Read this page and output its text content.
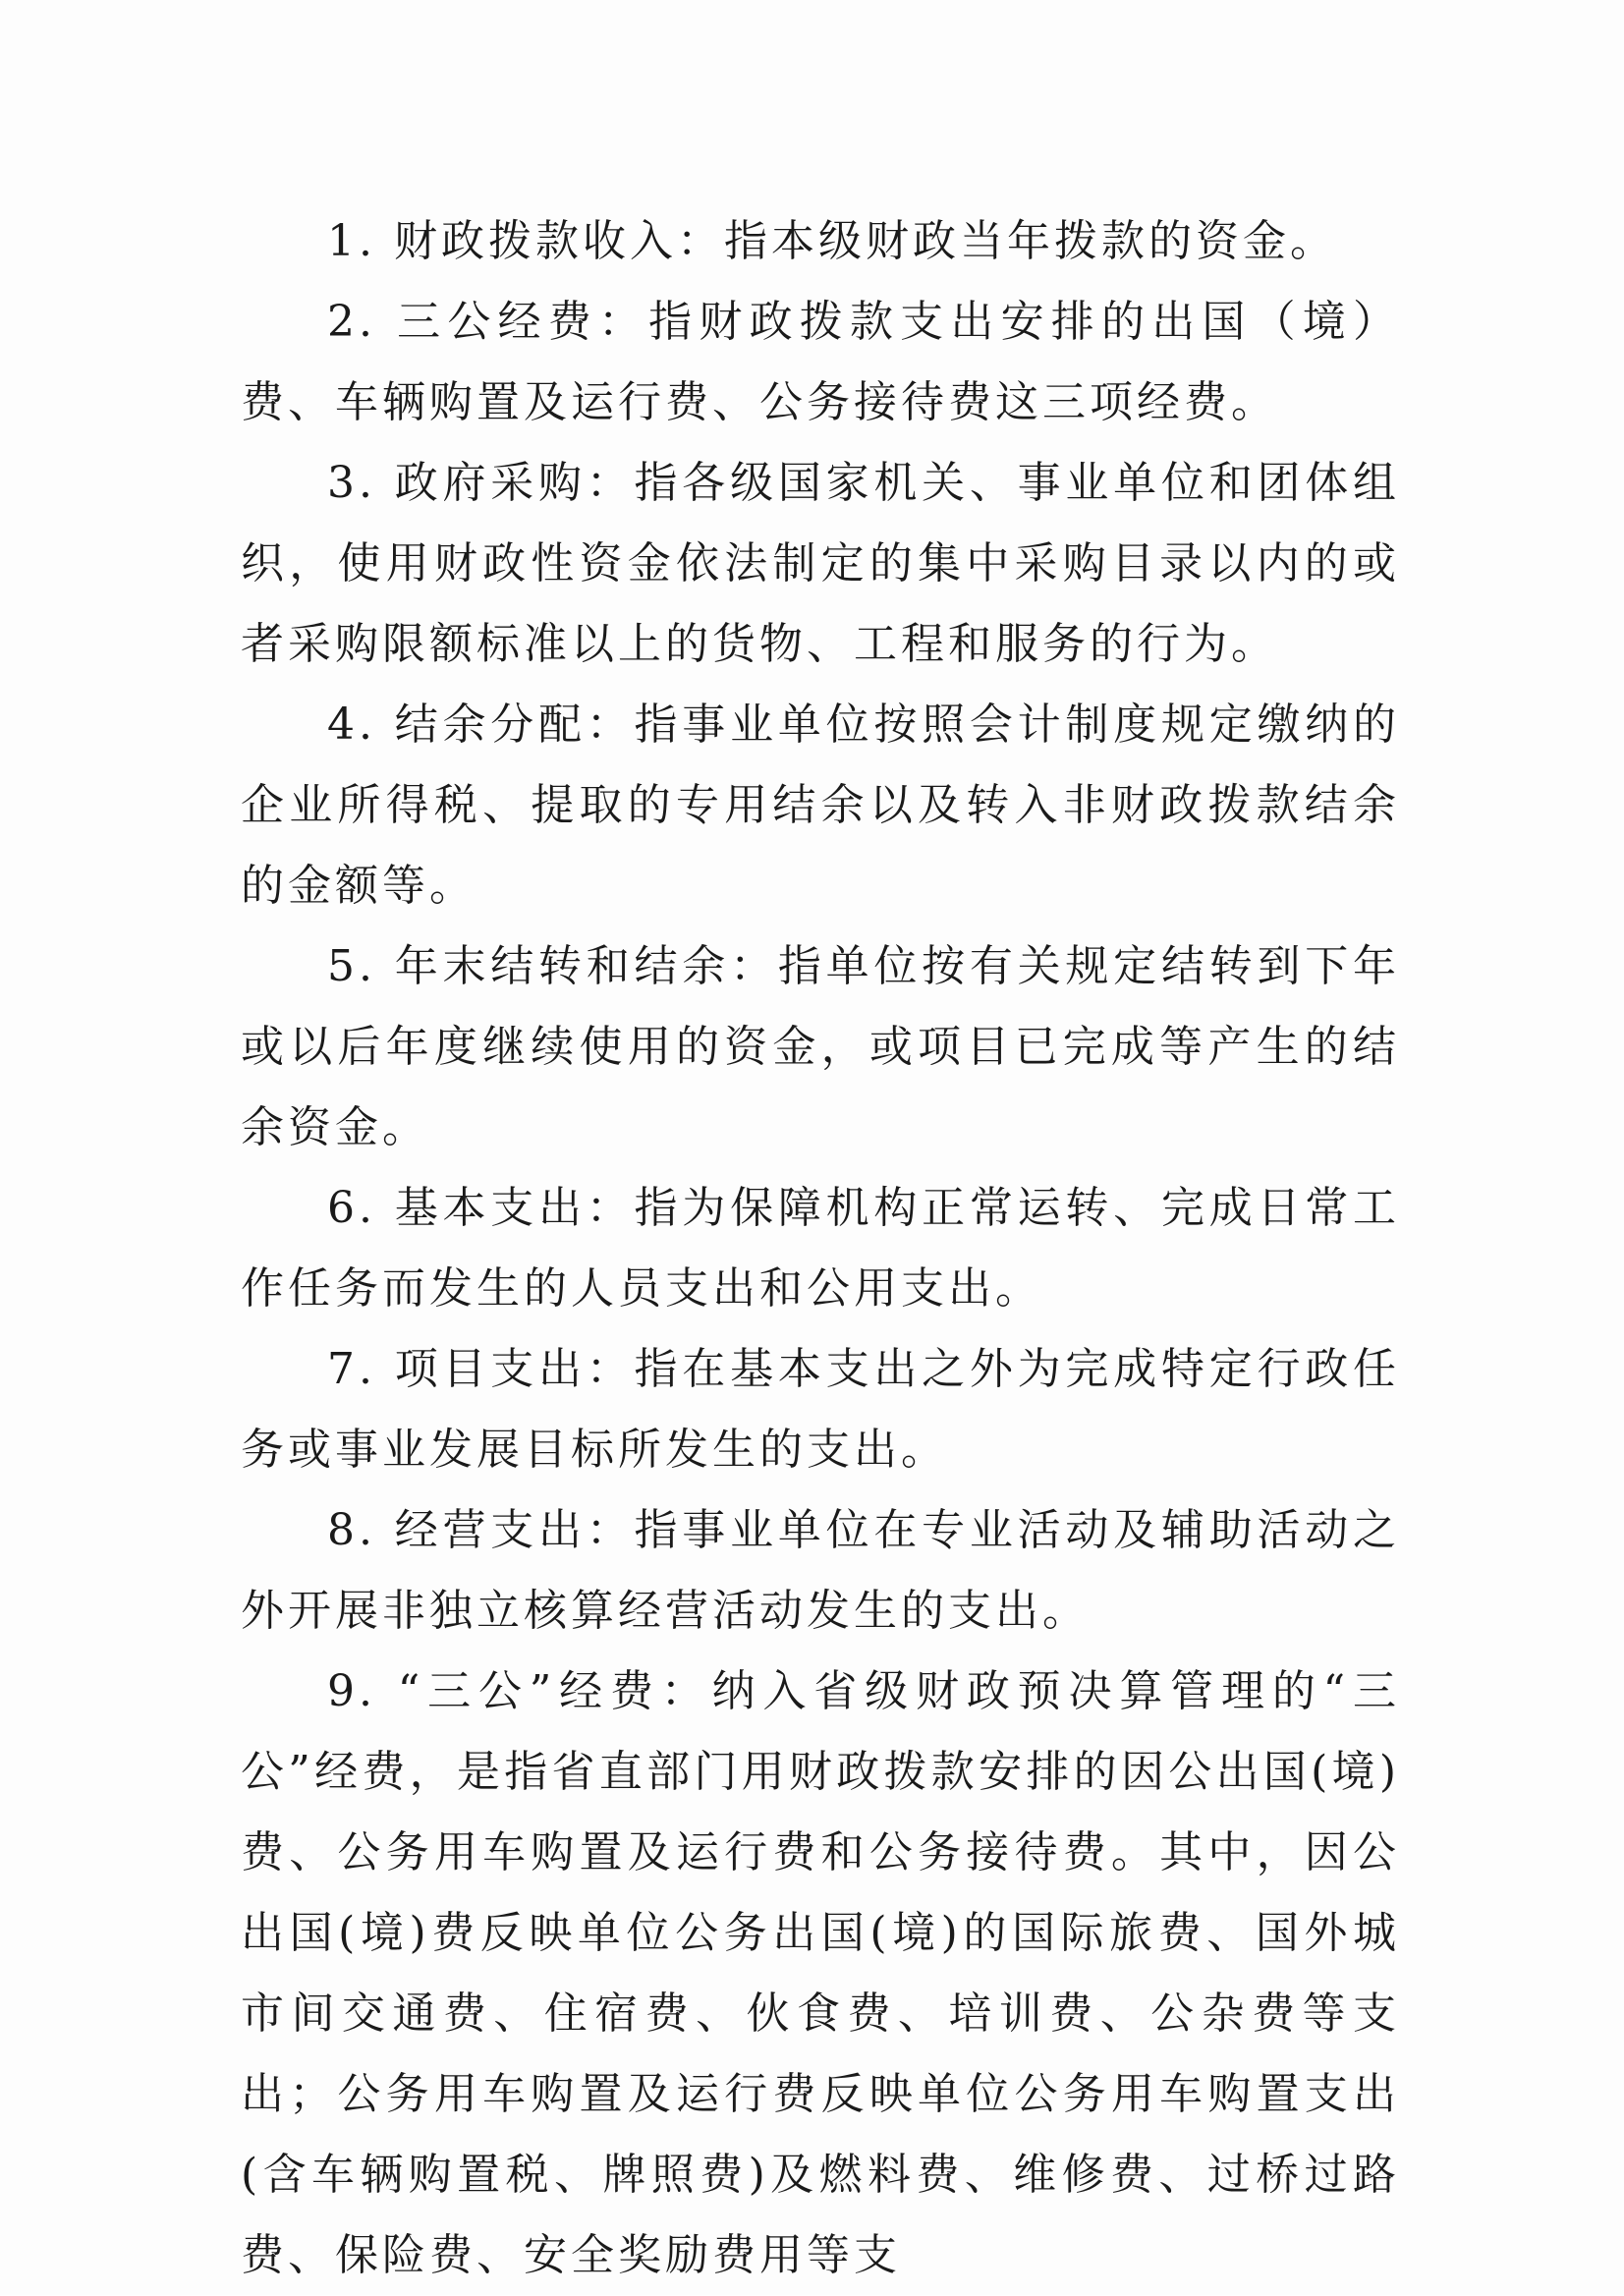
1. 财政拨款收入：指本级财政当年拨款的资金。

2. 三公经费：指财政拨款支出安排的出国（境）费、车辆购置及运行费、公务接待费这三项经费。

3. 政府采购：指各级国家机关、事业单位和团体组织，使用财政性资金依法制定的集中采购目录以内的或者采购限额标准以上的货物、工程和服务的行为。

4. 结余分配：指事业单位按照会计制度规定缴纳的企业所得税、提取的专用结余以及转入非财政拨款结余的金额等。

5. 年末结转和结余：指单位按有关规定结转到下年或以后年度继续使用的资金，或项目已完成等产生的结余资金。

6. 基本支出：指为保障机构正常运转、完成日常工作任务而发生的人员支出和公用支出。

7. 项目支出：指在基本支出之外为完成特定行政任务或事业发展目标所发生的支出。

8. 经营支出：指事业单位在专业活动及辅助活动之外开展非独立核算经营活动发生的支出。

9. “三公”经费：纳入省级财政预决算管理的“三公”经费，是指省直部门用财政拨款安排的因公出国(境)费、公务用车购置及运行费和公务接待费。其中，因公出国(境)费反映单位公务出国(境)的国际旅费、国外城市间交通费、住宿费、伙食费、培训费、公杂费等支出；公务用车购置及运行费反映单位公务用车购置支出(含车辆购置税、牌照费)及燃料费、维修费、过桥过路费、保险费、安全奖励费用等支
